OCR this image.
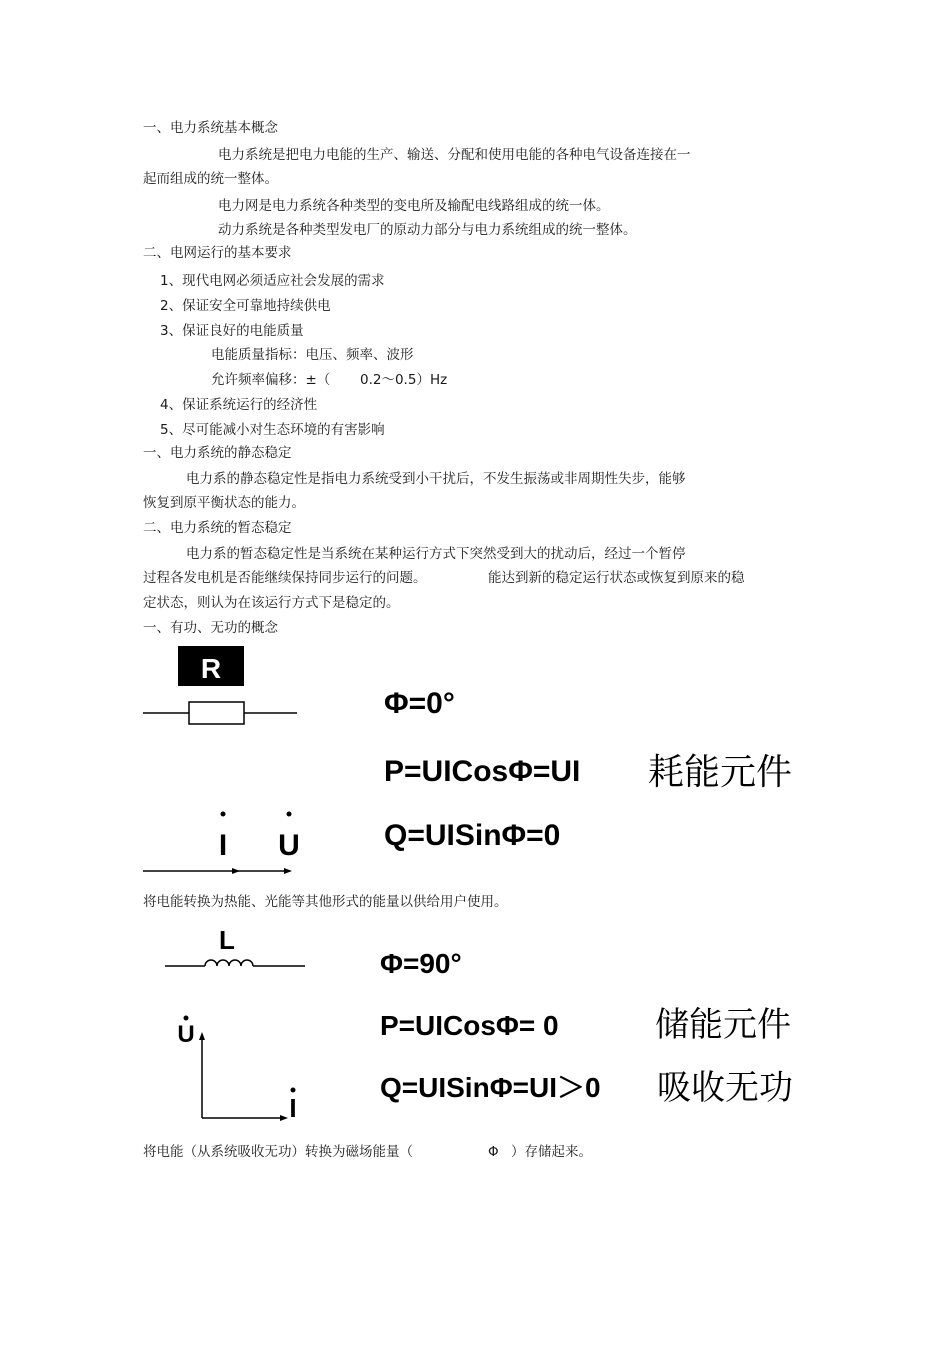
一、电力系统基本概念
电力系统是把电力电能的生产、输送、分配和使用电能的各种电气设备连接在一
起而组成的统一整体。
电力网是电力系统各种类型的变电所及输配电线路组成的统一体。
动力系统是各种类型发电厂的原动力部分与电力系统组成的统一整体。
二、电网运行的基本要求
1、现代电网必须适应社会发展的需求
2、保证安全可靠地持续供电
3、保证良好的电能质量
电能质量指标：电压、频率、波形
允许频率偏移：±（ 0.2～0.5）Hz
4、保证系统运行的经济性
5、尽可能减小对生态环境的有害影响
一、电力系统的静态稳定
电力系的静态稳定性是指电力系统受到小干扰后，不发生振荡或非周期性失步，能够
恢复到原平衡状态的能力。
二、电力系统的暂态稳定
电力系的暂态稳定性是当系统在某种运行方式下突然受到大的扰动后，经过一个暂停
过程各发电机是否能继续保持同步运行的问题。	能达到新的稳定运行状态或恢复到原来的稳
定状态，则认为在该运行方式下是稳定的。
一、有功、无功的概念
R
Φ=0°
P=UICosΦ=UI 耗能元件
Q=UISinΦ=0
I U
L
Φ=90°
P=UICosΦ= 0	储能元件
Q=UISinΦ=UI＞0 吸收无功
U
I
将电能转换为热能、光能等其他形式的能量以供给用户使用。
将电能（从系统吸收无功）转换为磁场能量（	Φ ）存储起来。
